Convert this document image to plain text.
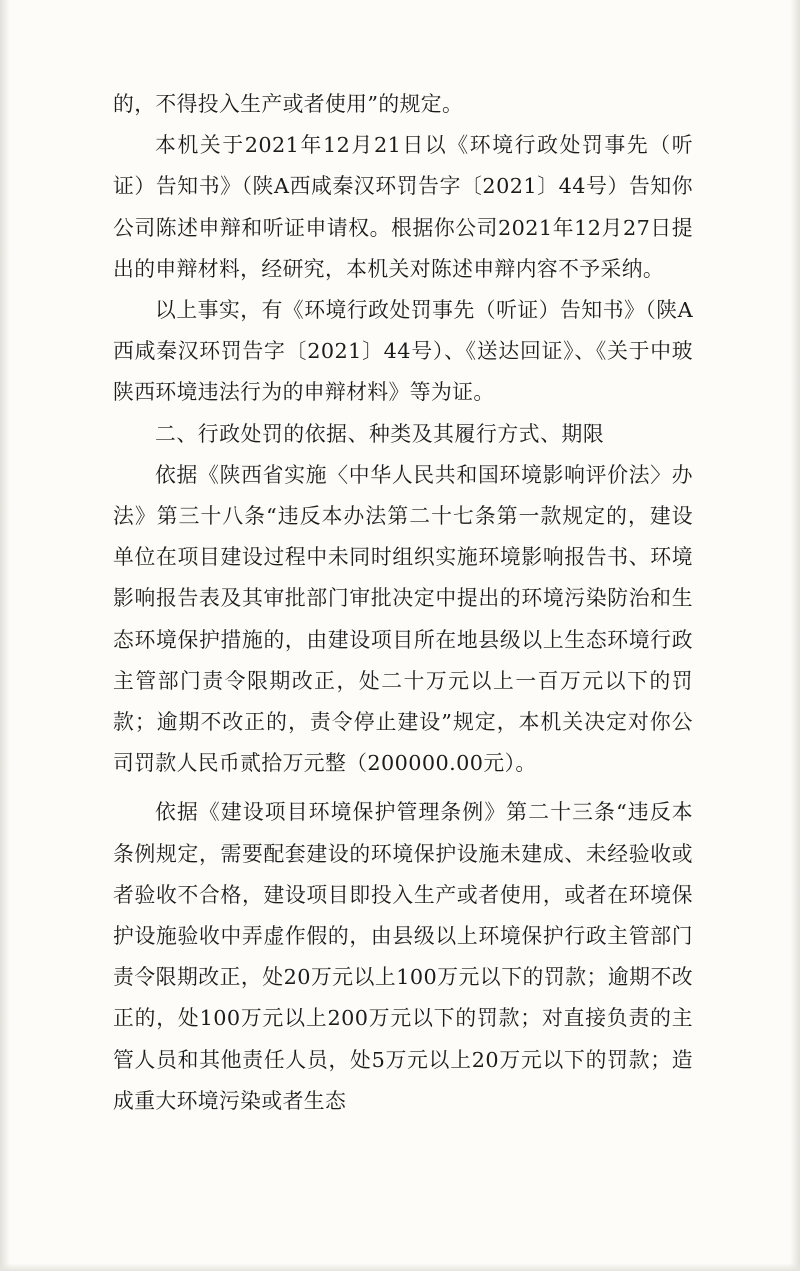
的，不得投入生产或者使用”的规定。

本机关于2021年12月21日以《环境行政处罚事先（听证）告知书》（陕A西咸秦汉环罚告字〔2021〕44号）告知你公司陈述申辩和听证申请权。根据你公司2021年12月27日提出的申辩材料，经研究，本机关对陈述申辩内容不予采纳。

以上事实，有《环境行政处罚事先（听证）告知书》（陕A西咸秦汉环罚告字〔2021〕44号）、《送达回证》、《关于中玻陕西环境违法行为的申辩材料》等为证。

二、行政处罚的依据、种类及其履行方式、期限

依据《陕西省实施〈中华人民共和国环境影响评价法〉办法》第三十八条“违反本办法第二十七条第一款规定的，建设单位在项目建设过程中未同时组织实施环境影响报告书、环境影响报告表及其审批部门审批决定中提出的环境污染防治和生态环境保护措施的，由建设项目所在地县级以上生态环境行政主管部门责令限期改正，处二十万元以上一百万元以下的罚款；逾期不改正的，责令停止建设”规定，本机关决定对你公司罚款人民币贰拾万元整（200000.00元）。

依据《建设项目环境保护管理条例》第二十三条“违反本条例规定，需要配套建设的环境保护设施未建成、未经验收或者验收不合格，建设项目即投入生产或者使用，或者在环境保护设施验收中弄虚作假的，由县级以上环境保护行政主管部门责令限期改正，处20万元以上100万元以下的罚款；逾期不改正的，处100万元以上200万元以下的罚款；对直接负责的主管人员和其他责任人员，处5万元以上20万元以下的罚款；造成重大环境污染或者生态
